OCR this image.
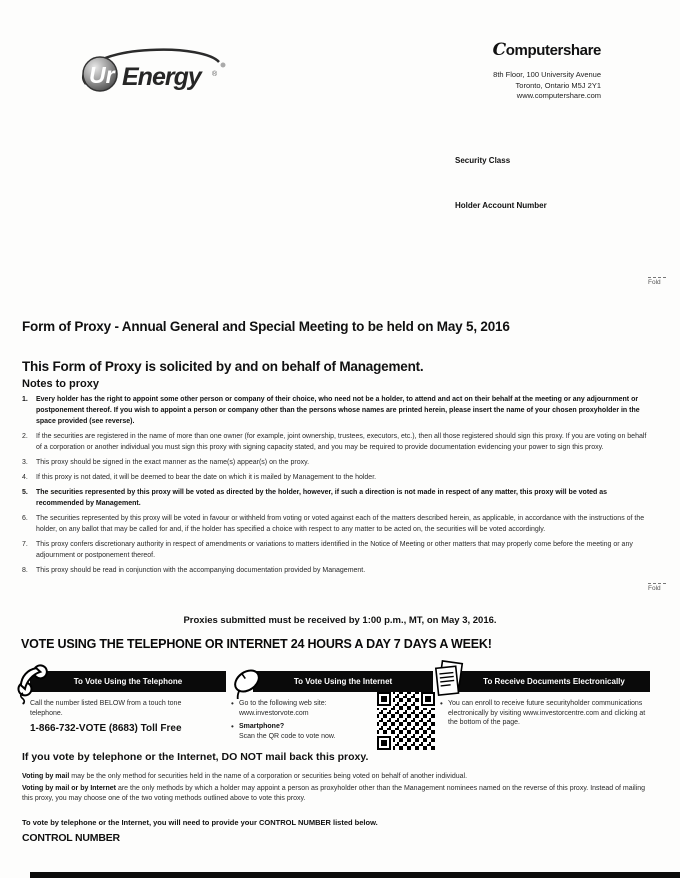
Ur Energy ®
Computershare
8th Floor, 100 University Avenue
Toronto, Ontario M5J 2Y1
www.computershare.com
Security Class
Holder Account Number
Fold
Fold
Form of Proxy - Annual General and Special Meeting to be held on May 5, 2016
This Form of Proxy is solicited by and on behalf of Management.
Notes to proxy
1.	Every holder has the right to appoint some other person or company of their choice, who need not be a holder, to attend and act on their behalf at the meeting or any adjournment or postponement thereof. If you wish to appoint a person or company other than the persons whose names are printed herein, please insert the name of your chosen proxyholder in the space provided (see reverse).
2.	If the securities are registered in the name of more than one owner (for example, joint ownership, trustees, executors, etc.), then all those registered should sign this proxy. If you are voting on behalf of a corporation or another individual you must sign this proxy with signing capacity stated, and you may be required to provide documentation evidencing your power to sign this proxy.
3.	This proxy should be signed in the exact manner as the name(s) appear(s) on the proxy.
4.	If this proxy is not dated, it will be deemed to bear the date on which it is mailed by Management to the holder.
5.	The securities represented by this proxy will be voted as directed by the holder, however, if such a direction is not made in respect of any matter, this proxy will be voted as recommended by Management.
6.	The securities represented by this proxy will be voted in favour or withheld from voting or voted against each of the matters described herein, as applicable, in accordance with the instructions of the holder, on any ballot that may be called for and, if the holder has specified a choice with respect to any matter to be acted on, the securities will be voted accordingly.
7.	This proxy confers discretionary authority in respect of amendments or variations to matters identified in the Notice of Meeting or other matters that may properly come before the meeting or any adjournment or postponement thereof.
8.	This proxy should be read in conjunction with the accompanying documentation provided by Management.
Proxies submitted must be received by 1:00 p.m., MT, on May 3, 2016.
VOTE USING THE TELEPHONE OR INTERNET 24 HOURS A DAY 7 DAYS A WEEK!
To Vote Using the Telephone	To Vote Using the Internet	To Receive Documents Electronically
• Call the number listed BELOW from a touch tone telephone.
1-866-732-VOTE (8683) Toll Free
• Go to the following web site:
www.investorvote.com
• Smartphone?
Scan the QR code to vote now.
• You can enroll to receive future securityholder communications electronically by visiting www.investorcentre.com and clicking at the bottom of the page.
If you vote by telephone or the Internet, DO NOT mail back this proxy.
Voting by mail may be the only method for securities held in the name of a corporation or securities being voted on behalf of another individual.
Voting by mail or by Internet are the only methods by which a holder may appoint a person as proxyholder other than the Management nominees named on the reverse of this proxy. Instead of mailing this proxy, you may choose one of the two voting methods outlined above to vote this proxy.
To vote by telephone or the Internet, you will need to provide your CONTROL NUMBER listed below.
CONTROL NUMBER
